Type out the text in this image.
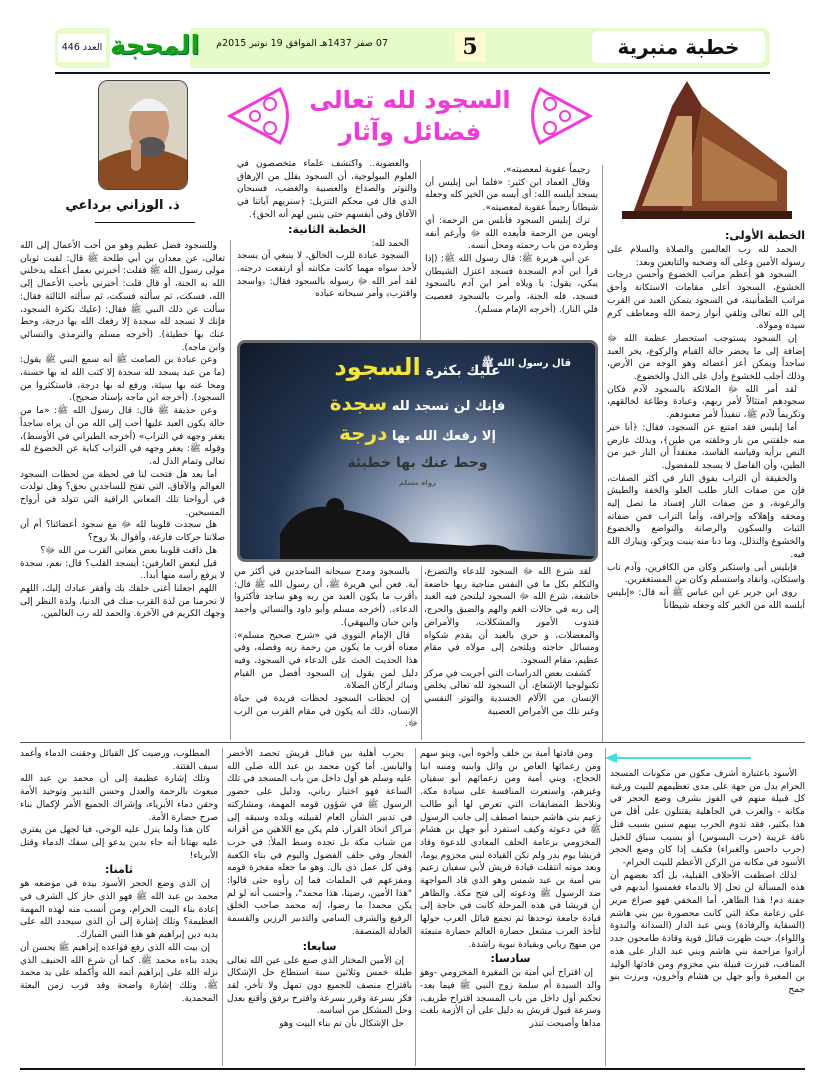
خطبة منبرية
5
07 صفر 1437هـ الموافق 19 نونبر 2015م
المحجة
العدد 446
السجود لله تعالى
فضائل وآثار
ذ. الوزاني برداعي
الخطبة الأولى:

الحمد لله رب العالمين والصلاة والسلام على رسوله الأمين وعلى آله وصحبه والتابعين وبعد:

السجود هو أعظم مراتب الخضوع وأحسن درجات الخشوع، السجود أعلى مقامات الاستكانة وأحق مراتب الطمأنينة، في السجود يتمكن العبد من القرب إلى الله تعالى وتلقي أنوار رحمة الله ومعاطف كرم سيده ومولاه.

إن السجود يستوجب استحضار عظمة الله ﷻ إضافة إلى ما يحضر حالة القيام والركوع، يخر العبد ساجداً ويمكن أعز أعضائه وهو الوجه من الأرض، وذلك أجلب للخشوع وأدل على الذل والخضوع.

لقد أمر الله ﷻ الملائكة بالسجود لآدم فكان سجودهم امتثالاً لأمر ربهم، وعبادة وطاعة لخالقهم، وتكريماً لآدم ﷺ، تنفيذاً لأمر معبودهم.

أما إبليس فقد امتنع عن السجود، فقال: ﴿أنا خير منه خلقتني من نار وخلقته من طين﴾، وبذلك عارض النص برأيه وقياسه الفاسد، معتقداً أن النار خير من الطين، وأن الفاضل لا يسجد للمفضول.

والحقيقة أن التراب يفوق النار في أكثر الصفات، فإن من صفات النار طلب العلو والخفة والطيش والرعونة، و من صفات النار إفساد ما تصل إليه ومحقه وإهلاكه وإحراقه، وأما التراب فمن صفاته الثبات والسكون والرصانة والتواضع والخضوع والخشوع والتذلل، وما دنا منه ينبت ويزكو، ويبارك الله فيه.

فإبليس أبى واستكبر وكان من الكافرين، وآدم تاب واستكان، وانقاد واستسلم وكان من المستغفرين.

روى ابن جرير عن ابن عباس ﷺ أنه قال: «إبليس أبلسه الله من الخير كله وجعله شيطاناً

رجيماً عقوبة لمعصيته».

وقال العماد ابن كثير: «فلما أبى إبليس أن يسجد أبلسه الله: أي أيسه من الخير كله وجعله شيطاناً رجيماً عقوبة لمعصيته».

ترك إبليس السجود فأبلس من الرحمة: أي أويس من الرحمة فأبعده الله ﷻ وأرغم أنفه وطرده من باب رحمته ومحل أنسه.

عن أبي هريرة ﷺ: قال رسول الله ﷺ: (إذا قرأ ابن آدم السجدة فسجد اعتزل الشيطان يبكي، يقول: يا ويلاه أمر ابن آدم بالسجود فسجد، فله الجنة، وأمرت بالسجود فعصيت فلي النار). (أخرجه الإمام مسلم).

والعضوية.. واكتشف علماء متخصصون في العلوم البيولوجية، أن السجود يقلل من الإرهاق والتوتر والصداع والعصبية والغضب، فسبحان الذي قال في محكم التنزيل: ﴿سنريهم آياتنا في الآفاق وفي أنفسهم حتى يتبين لهم أنه الحق﴾.

الخطبة الثانية:

الحمد لله:

السجود عبادة للرب الخالق، لا ينبغي أن يسجد لأحد سواه مهما كانت مكانته أو ارتفعت درجته. لقد أمر الله ﷻ رسوله بالسجود فقال: ﴿واسجد واقترب﴾ وأمر سبحانه عباده

قال رسول الله ﷺ
عليك بكثرة السجود
فإنك لن تسجد لله سجدة
إلا رفعك الله بها درجة
وحط عنك بها خطيئة
رواه مسلم

لقد شرع الله ﷻ السجود للدعاء والتضرع، والتكلم بكل ما في النفس مناجية ربها خاضعة خاشعة، شرع الله ﷻ السجود ليلتجئ فيه العبد إلى ربه في حالات الغم والهم والضيق والحرج، فتذوب الأمور والمشكلات، والأمراض والمعضلات، و حري بالعبد أن يقدم شكواه ومسائل حاجته ويلتجئ إلى مولاه في مقام عظيم، مقام السجود.

كشفت بعض الدراسات التي أجريت في مركز تكنولوجيا الإشعاع، أن السجود لله تعالى يخلص الإنسان من الآلام الجسدية والتوتر النفسي وغير تلك من الأمراض العصبية

بالسجود ومدح سبحانه الساجدين في أكثر من آية. فعن أبي هريرة ﷺ، أن رسول الله ﷺ قال: ﴿أقرب ما يكون العبد من ربه وهو ساجد فأكثروا الدعاء﴾. (أخرجه مسلم وأبو داود والنسائي وأحمد وابن حبان والبيهقي).

قال الإمام النووي في «شرح صحيح مسلم»: معناه أقرب ما يكون من رحمة ربه وفضله، وفي هذا الحديث الحث على الدعاء في السجود، وفيه دليل لمن يقول إن السجود أفضل من القيام وسائر أركان الصلاة.

إن لحظات السجود لحظات فريدة في حياة الإنسان، ذلك أنه يكون في مقام القرب من الرب ﷻ.

وللسجود فضل عظيم وهو من أحب الأعمال إلى الله تعالى، عن معدان بن أبي طلحة ﷺ قال: لقيت ثوبان مولى رسول الله ﷺ فقلت: أخبرني بعمل أعمله يدخلني الله به الجنة، أو قال قلت: أخبرني بأحب الأعمال إلى الله، فسكت، ثم سألته فسكت، ثم سألته الثالثة فقال: سألت عن ذلك النبي ﷺ فقال: (عليك بكثرة السجود، فإنك لا تسجد لله سجدة إلا رفعك الله بها درجة، وحط عنك بها خطيئة). (أخرجه مسلم والترمذي والنسائي وابن ماجه).

وعن عبادة بن الصامت ﷺ أنه سمع النبي ﷺ يقول: (ما من عبد يسجد لله سجدة إلا كتب الله له بها حسنة، ومحا عنه بها سيئة، ورفع له بها درجة، فاستكثروا من السجود). (أخرجه ابن ماجه بإسناد صحيح).

وعن حذيفة ﷺ قال: قال رسول الله ﷺ: «ما من حالة يكون العبد عليها أحب إلى الله من أن يراه ساجداً يعفر وجهه في التراب» (أخرجه الطبراني في الأوسط)، وقوله ﷺ: يعفر وجهه في التراب كناية عن الخضوع لله تعالى وتمام الذل له.

أما بعد هل فتحت لنا في لحظة من لحظات السجود العوالم والآفاق، التي تفتح للساجدين بحق؟ وهل تولدت في أرواحنا تلك المعاني الراقية التي تتولد في أرواح المسبحين.

هل سجدت قلوبنا لله ﷻ مع سجود أعضائنا؟ أم أن صلاتنا حركات فارغة، وأقوال بلا روح؟

هل ذاقت قلوبنا بعض معاني القرب من الله ﷻ؟

قيل لبعض العارفين: أيسجد القلب؟ قال: نعم، سجدة لا يرفع رأسه منها أبدا..

اللهم اجعلنا أغنى خلقك بك وأفقر عبادك إليك، اللهم لا تحرمنا من لذة القرب منك في الدنيا، ولذة النظر إلى وجهك الكريم في الآخرة. والحمد لله رب العالمين.

الأسود باعتباره أشرف مكون من مكونات المسجد الحرام يدل من جهة على مدى تعظيمهم للبيت ورغبة كل قبيلة منهم في الفوز بشرف وضع الحجر في مكانه - والعرب في الجاهلية يقتتلون على أقل من هذا بكثير، فقد تدوم الحرب بينهم سنين بسبب قتل ناقة غريبة (حرب البسوس) أو بسبب سباق للخيل (حرب داحس والغبراء) فكيف إذا كان وضع الحجر الأسود في مكانه من الركن الأعظم للبيت الحرام-

لذلك اصطفت الأحلاف القبلية، بل أكد بعضهم أن هذه المسألة لن تحل إلا بالدماء فغمسوا أيديهم في جفنة دم! هذا الظاهر، أما المخفي فهو صراع مرير على زعامة مكة التي كانت محصورة بين بني هاشم (السقاية والرفادة) وبني عبد الدار (السدانة والندوة واللواء)، حيث ظهرت قبائل قوية وقادة طامحون جدد أرادوا مزاحمة بني هاشم وبني عبد الدار على هذه المناقب، فبرزت قبيلة بني مخزوم ومن قادتها الوليد بن المغيرة وأبو جهل بن هشام وآخرون، وبرزت بنو جمح

ومن قادتها أمية بن خلف وأخوه أبي، وبنو سهم ومن زعمائها العاص بن وائل وابنيه ومنبه ابنا الحجاج، وبني أمية ومن زعمائهم أبو سفيان وغيرهم، واستعرت المنافسة على سيادة مكة. ونلاحظ المضايقات التي تعرض لها أبو طالب زعيم بني هاشم حينما اصطف إلى جانب الرسول ﷺ في دعوته وكيف استفرد أبو جهل بن هشام المخزومي بزعامة الحلف المعادي للدعوة وقاد قريشا يوم بدر ولم تكن القيادة لبني مخزوم يوما، وبعد موته انتقلت قيادة قريش لأبي سفيان زعيم بني أمية بن عبد شمس وهو الذي قاد المواجهة ضد الرسول ﷺ ودعوته إلى فتح مكة. والظاهر أن قريشا في هذه المرحلة كانت في حاجة إلى قيادة جامعة توحدها ثم تجمع قبائل العرب حولها لتأخذ العرب مشعل حضارة العالم حضارة منبعثة من منهج رباني وبقيادة نبوية راشدة.

سادسا:

إن اقتراح أبي أمية بن المغيرة المخزومي -وهو والد السيدة أم سلمة زوج النبي ﷺ فيما بعد- تحكيم أول داخل من باب المسجد اقتراح طريف، وسرعة قبول قريش به دليل على أن الأزمة بلغت مداها وأصبحت تنذر

بحرب أهلية بين قبائل قريش تحصد الأخضر واليابس. أما كون محمد بن عبد الله صلى الله عليه وسلم هو أول داخل من باب المسجد في تلك الساعة فهو اختيار رباني، ودليل على حضور الرسول ﷺ في شؤون قومه المهمة، ومشاركته في تدبير الشأن العام لقبيلته وبلده وسبقه إلى مراكز اتخاذ القرار، فلم يكن مع اللاهين من أقرانه من شباب مكة بل تجده وسط الملأ: في حرب الفجار وفي حلف الفضول واليوم في بناء الكعبة وفي كل عمل ذي بال. وهو ما جعله مفخرة قومه ومفزعهم في الملمات فما إن رأوه حتى قالوا: "هذا الأمين، رضينا، هذا محمد"، وأحسب أنه لو لم يكن محمدا ما رضوا، إنه محمد صاحب الخلق الرفيع والشرف السامي والتدبير الرزين والقسمة العادلة المنصفة.

سابعا:

إن الأمين المختار الذي صنع على عين الله تعالى طيلة خمس وثلاثين سنة استطاع حل الإشكال باقتراح منصف للجميع دون تمهل ولا تأخر، لقد فكر بسرعة وقرر بسرعة واقترح برفق وأقنع بعدل وحل المشكل من أساسه.

حل الإشكال بأن تم بناء البيت وهو

المطلوب، ورضيت كل القبائل وحقنت الدماء وأغمد سيف الفتنة.

وتلك إشارة عظيمة إلى أن محمد بن عبد الله مبعوث بالرحمة والعدل وحسن التدبير وتوحيد الأمة وحقن دماء الأبرياء، وإشراك الجميع الأمر لإكمال بناء صرح حضارة الأمة.

كان هذا ولما ينزل عليه الوحي، فيا لجهل من يفتري عليه بهتانا أنه جاء بدين يدعو إلى سفك الدماء وقتل الأبرياء!

ثامنا:

إن الذي وضع الحجر الأسود بيده في موضعه هو محمد بن عبد الله ﷺ فهو الذي حاز كل الشرف في إعادة بناء البيت الحرام، ومن أنسب منه لهذه المهمة العظيمة؟ وتلك إشارة إلى أن الذي سيجدد الله على يديه دين إبراهيم هو هذا النبي المبارك.

إن بيت الله الذي رفع قواعده إبراهيم ﷺ يحسن أن يجدد بناءه محمد ﷺ. كما أن شرع الله الحنيف الذي نزله الله على إبراهيم أتمه الله وأكمله على يد محمد ﷺ. وتلك إشارة واضحة وقد قرب زمن البعثة المحمدية.
